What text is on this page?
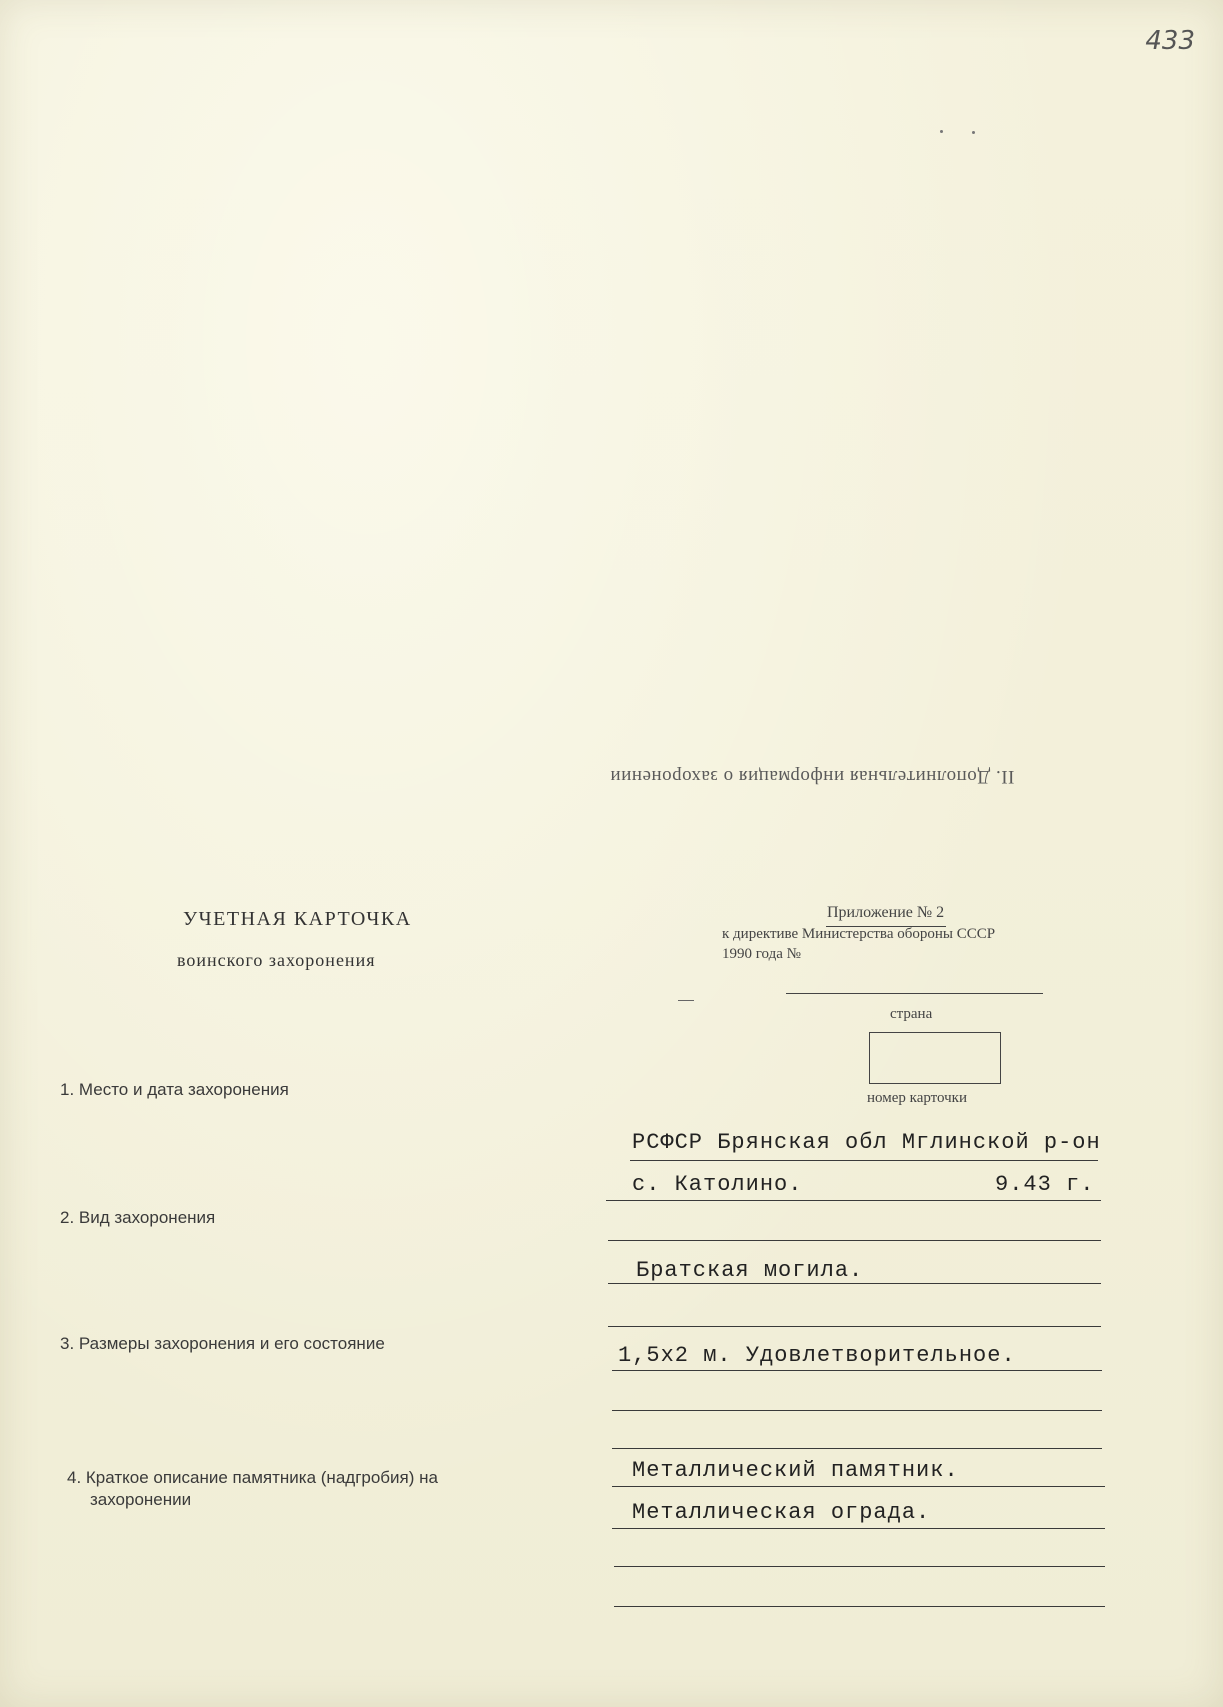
433
II. Дополнительная информация о захоронении
УЧЕТНАЯ КАРТОЧКА
воинского захоронения
Приложение № 2
к директиве Министерства обороны СССР
1990 года №
страна
номер карточки
1. Место и дата захоронения
2. Вид захоронения
3. Размеры захоронения и его состояние
4. Краткое описание памятника (надгробия) на
захоронении
РСФСР Брянская обл Мглинской р-он
с. Католино.	9.43 г.
Братская могила.
1,5х2 м. Удовлетворительное.
Металлический памятник.
Металлическая ограда.
